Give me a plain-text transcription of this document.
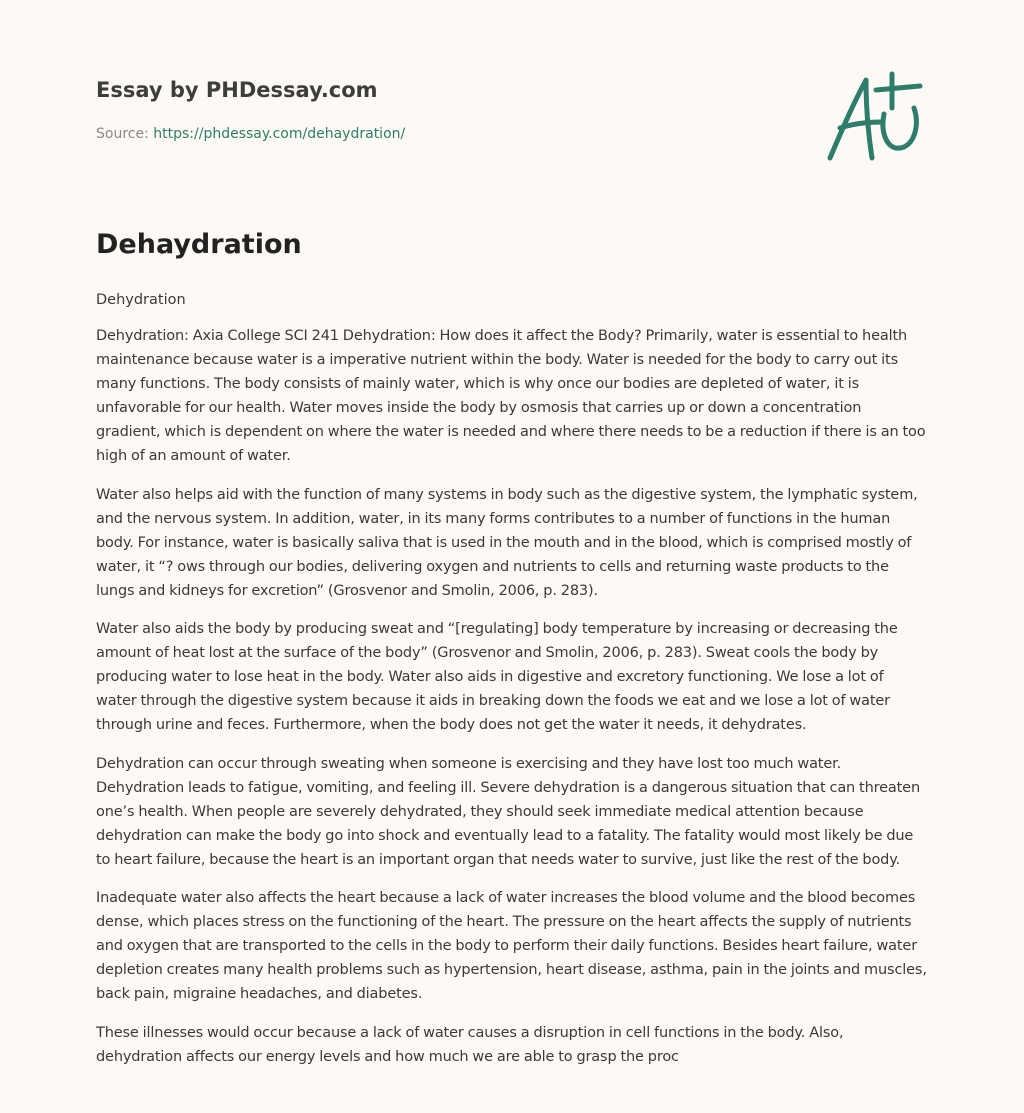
Essay by PHDessay.com
Source: https://phdessay.com/dehaydration/
Dehaydration
Dehydration

Dehydration: Axia College SCI 241 Dehydration: How does it affect the Body? Primarily, water is essential to health maintenance because water is a imperative nutrient within the body. Water is needed for the body to carry out its many functions. The body consists of mainly water, which is why once our bodies are depleted of water, it is unfavorable for our health. Water moves inside the body by osmosis that carries up or down a concentration gradient, which is dependent on where the water is needed and where there needs to be a reduction if there is an too high of an amount of water.

Water also helps aid with the function of many systems in body such as the digestive system, the lymphatic system, and the nervous system. In addition, water, in its many forms contributes to a number of functions in the human body. For instance, water is basically saliva that is used in the mouth and in the blood, which is comprised mostly of water, it “? ows through our bodies, delivering oxygen and nutrients to cells and returning waste products to the lungs and kidneys for excretion” (Grosvenor and Smolin, 2006, p. 283).

Water also aids the body by producing sweat and “[regulating] body temperature by increasing or decreasing the amount of heat lost at the surface of the body” (Grosvenor and Smolin, 2006, p. 283). Sweat cools the body by producing water to lose heat in the body. Water also aids in digestive and excretory functioning. We lose a lot of water through the digestive system because it aids in breaking down the foods we eat and we lose a lot of water through urine and feces. Furthermore, when the body does not get the water it needs, it dehydrates.

Dehydration can occur through sweating when someone is exercising and they have lost too much water. Dehydration leads to fatigue, vomiting, and feeling ill. Severe dehydration is a dangerous situation that can threaten one’s health. When people are severely dehydrated, they should seek immediate medical attention because dehydration can make the body go into shock and eventually lead to a fatality. The fatality would most likely be due to heart failure, because the heart is an important organ that needs water to survive, just like the rest of the body.

Inadequate water also affects the heart because a lack of water increases the blood volume and the blood becomes dense, which places stress on the functioning of the heart. The pressure on the heart affects the supply of nutrients and oxygen that are transported to the cells in the body to perform their daily functions. Besides heart failure, water depletion creates many health problems such as hypertension, heart disease, asthma, pain in the joints and muscles, back pain, migraine headaches, and diabetes.

These illnesses would occur because a lack of water causes a disruption in cell functions in the body. Also, dehydration affects our energy levels and how much we are able to grasp the proc
